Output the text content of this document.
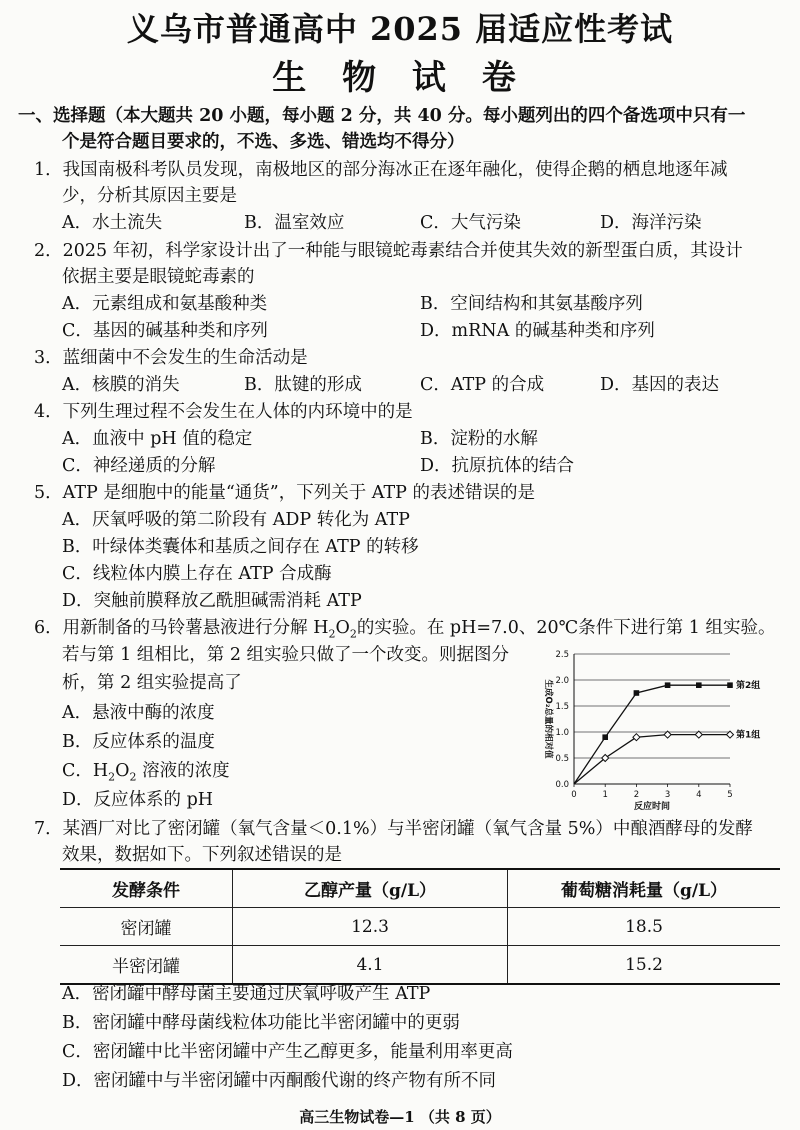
义乌市普通高中 2025 届适应性考试
生 物 试 卷
一、选择题（本大题共 20 小题，每小题 2 分，共 40 分。每小题列出的四个备选项中只有一
个是符合题目要求的，不选、多选、错选均不得分）
1．我国南极科考队员发现，南极地区的部分海冰正在逐年融化，使得企鹅的栖息地逐年减
少，分析其原因主要是
A．水土流失	B．温室效应	C．大气污染	D．海洋污染
2．2025 年初，科学家设计出了一种能与眼镜蛇毒素结合并使其失效的新型蛋白质，其设计
依据主要是眼镜蛇毒素的
A．元素组成和氨基酸种类	B．空间结构和其氨基酸序列
C．基因的碱基种类和序列	D．mRNA 的碱基种类和序列
3．蓝细菌中不会发生的生命活动是
A．核膜的消失	B．肽键的形成	C．ATP 的合成	D．基因的表达
4．下列生理过程不会发生在人体的内环境中的是
A．血液中 pH 值的稳定	B．淀粉的水解
C．神经递质的分解	D．抗原抗体的结合
5．ATP 是细胞中的能量“通货”，下列关于 ATP 的表述错误的是
A．厌氧呼吸的第二阶段有 ADP 转化为 ATP
B．叶绿体类囊体和基质之间存在 ATP 的转移
C．线粒体内膜上存在 ATP 合成酶
D．突触前膜释放乙酰胆碱需消耗 ATP
6．用新制备的马铃薯悬液进行分解 $H_2O_2$的实验。在 pH=7.0、20℃条件下进行第 1 组实验。
若与第 1 组相比，第 2 组实验只做了一个改变。则据图分
析，第 2 组实验提高了
A．悬液中酶的浓度
B．反应体系的温度
C．$H_2O_2$ 溶液的浓度
D．反应体系的 pH
0.0
0.5
1.0
1.5
2.0
2.5
0	1	2	3	4	5
反应时间
生成O₂总量的相对值	第2组
第1组
7．某酒厂对比了密闭罐（氧气含量＜0.1%）与半密闭罐（氧气含量 5%）中酿酒酵母的发酵
效果，数据如下。下列叙述错误的是
发酵条件	乙醇产量（g/L）	葡萄糖消耗量（g/L）
密闭罐	12.3	18.5
半密闭罐	4.1	15.2
A．密闭罐中酵母菌主要通过厌氧呼吸产生 ATP
B．密闭罐中酵母菌线粒体功能比半密闭罐中的更弱
C．密闭罐中比半密闭罐中产生乙醇更多，能量利用率更高
D．密闭罐中与半密闭罐中丙酮酸代谢的终产物有所不同
高三生物试卷—1 （共 8 页）
